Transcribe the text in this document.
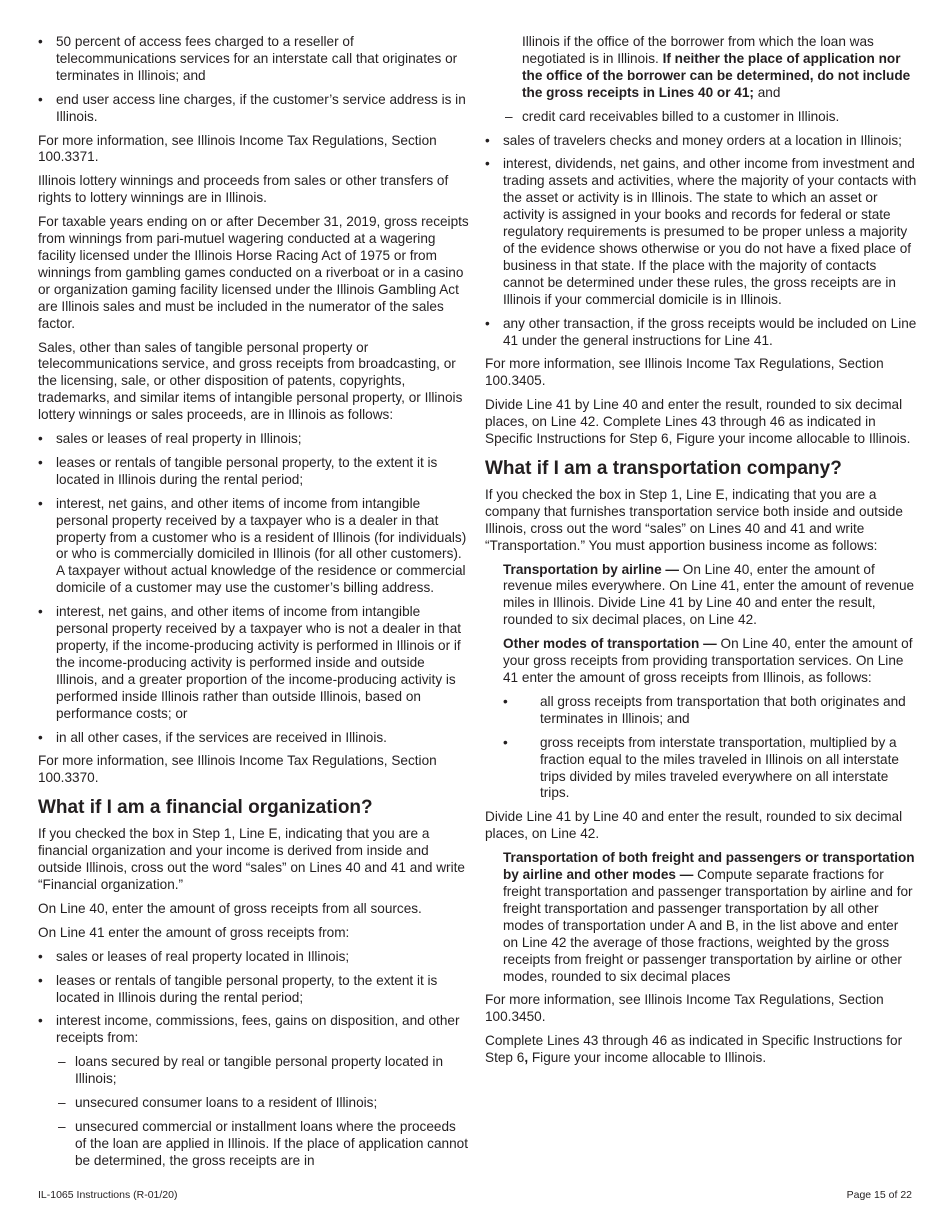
• 50 percent of access fees charged to a reseller of telecommunications services for an interstate call that originates or terminates in Illinois; and
• end user access line charges, if the customer’s service address is in Illinois.

For more information, see Illinois Income Tax Regulations, Section 100.3371.

Illinois lottery winnings and proceeds from sales or other transfers of rights to lottery winnings are in Illinois.

For taxable years ending on or after December 31, 2019, gross receipts from winnings from pari-mutuel wagering conducted at a wagering facility licensed under the Illinois Horse Racing Act of 1975 or from winnings from gambling games conducted on a riverboat or in a casino or organization gaming facility licensed under the Illinois Gambling Act are Illinois sales and must be included in the numerator of the sales factor.

Sales, other than sales of tangible personal property or telecommunications service, and gross receipts from broadcasting, or the licensing, sale, or other disposition of patents, copyrights, trademarks, and similar items of intangible personal property, or Illinois lottery winnings or sales proceeds, are in Illinois as follows:

• sales or leases of real property in Illinois;
• leases or rentals of tangible personal property, to the extent it is located in Illinois during the rental period;
• interest, net gains, and other items of income from intangible personal property received by a taxpayer who is a dealer in that property from a customer who is a resident of Illinois (for individuals) or who is commercially domiciled in Illinois (for all other customers). A taxpayer without actual knowledge of the residence or commercial domicile of a customer may use the customer’s billing address.
• interest, net gains, and other items of income from intangible personal property received by a taxpayer who is not a dealer in that property, if the income-producing activity is performed in Illinois or if the income-producing activity is performed inside and outside Illinois, and a greater proportion of the income-producing activity is performed inside Illinois rather than outside Illinois, based on performance costs; or
• in all other cases, if the services are received in Illinois.

For more information, see Illinois Income Tax Regulations, Section 100.3370.

What if I am a financial organization?

If you checked the box in Step 1, Line E, indicating that you are a financial organization and your income is derived from inside and outside Illinois, cross out the word “sales” on Lines 40 and 41 and write “Financial organization.”

On Line 40, enter the amount of gross receipts from all sources.

On Line 41 enter the amount of gross receipts from:

• sales or leases of real property located in Illinois;
• leases or rentals of tangible personal property, to the extent it is located in Illinois during the rental period;
• interest income, commissions, fees, gains on disposition, and other receipts from:
– loans secured by real or tangible personal property located in Illinois;
– unsecured consumer loans to a resident of Illinois;
– unsecured commercial or installment loans where the proceeds of the loan are applied in Illinois. If the place of application cannot be determined, the gross receipts are in

Illinois if the office of the borrower from which the loan was negotiated is in Illinois. If neither the place of application nor the office of the borrower can be determined, do not include the gross receipts in Lines 40 or 41; and

– credit card receivables billed to a customer in Illinois.
• sales of travelers checks and money orders at a location in Illinois;
• interest, dividends, net gains, and other income from investment and trading assets and activities, where the majority of your contacts with the asset or activity is in Illinois. The state to which an asset or activity is assigned in your books and records for federal or state regulatory requirements is presumed to be proper unless a majority of the evidence shows otherwise or you do not have a fixed place of business in that state. If the place with the majority of contacts cannot be determined under these rules, the gross receipts are in Illinois if your commercial domicile is in Illinois.
• any other transaction, if the gross receipts would be included on Line 41 under the general instructions for Line 41.

For more information, see Illinois Income Tax Regulations, Section 100.3405.

Divide Line 41 by Line 40 and enter the result, rounded to six decimal places, on Line 42. Complete Lines 43 through 46 as indicated in Specific Instructions for Step 6, Figure your income allocable to Illinois.

What if I am a transportation company?

If you checked the box in Step 1, Line E, indicating that you are a company that furnishes transportation service both inside and outside Illinois, cross out the word “sales” on Lines 40 and 41 and write “Transportation.” You must apportion business income as follows:

Transportation by airline — On Line 40, enter the amount of revenue miles everywhere. On Line 41, enter the amount of revenue miles in Illinois. Divide Line 41 by Line 40 and enter the result, rounded to six decimal places, on Line 42.

Other modes of transportation — On Line 40, enter the amount of your gross receipts from providing transportation services. On Line 41 enter the amount of gross receipts from Illinois, as follows:

• all gross receipts from transportation that both originates and terminates in Illinois; and
• gross receipts from interstate transportation, multiplied by a fraction equal to the miles traveled in Illinois on all interstate trips divided by miles traveled everywhere on all interstate trips.

Divide Line 41 by Line 40 and enter the result, rounded to six decimal places, on Line 42.

Transportation of both freight and passengers or transportation by airline and other modes — Compute separate fractions for freight transportation and passenger transportation by airline and for freight transportation and passenger transportation by all other modes of transportation under A and B, in the list above and enter on Line 42 the average of those fractions, weighted by the gross receipts from freight or passenger transportation by airline or other modes, rounded to six decimal places

For more information, see Illinois Income Tax Regulations, Section 100.3450.

Complete Lines 43 through 46 as indicated in Specific Instructions for Step 6, Figure your income allocable to Illinois.

IL-1065 Instructions (R-01/20)	Page 15 of 22
